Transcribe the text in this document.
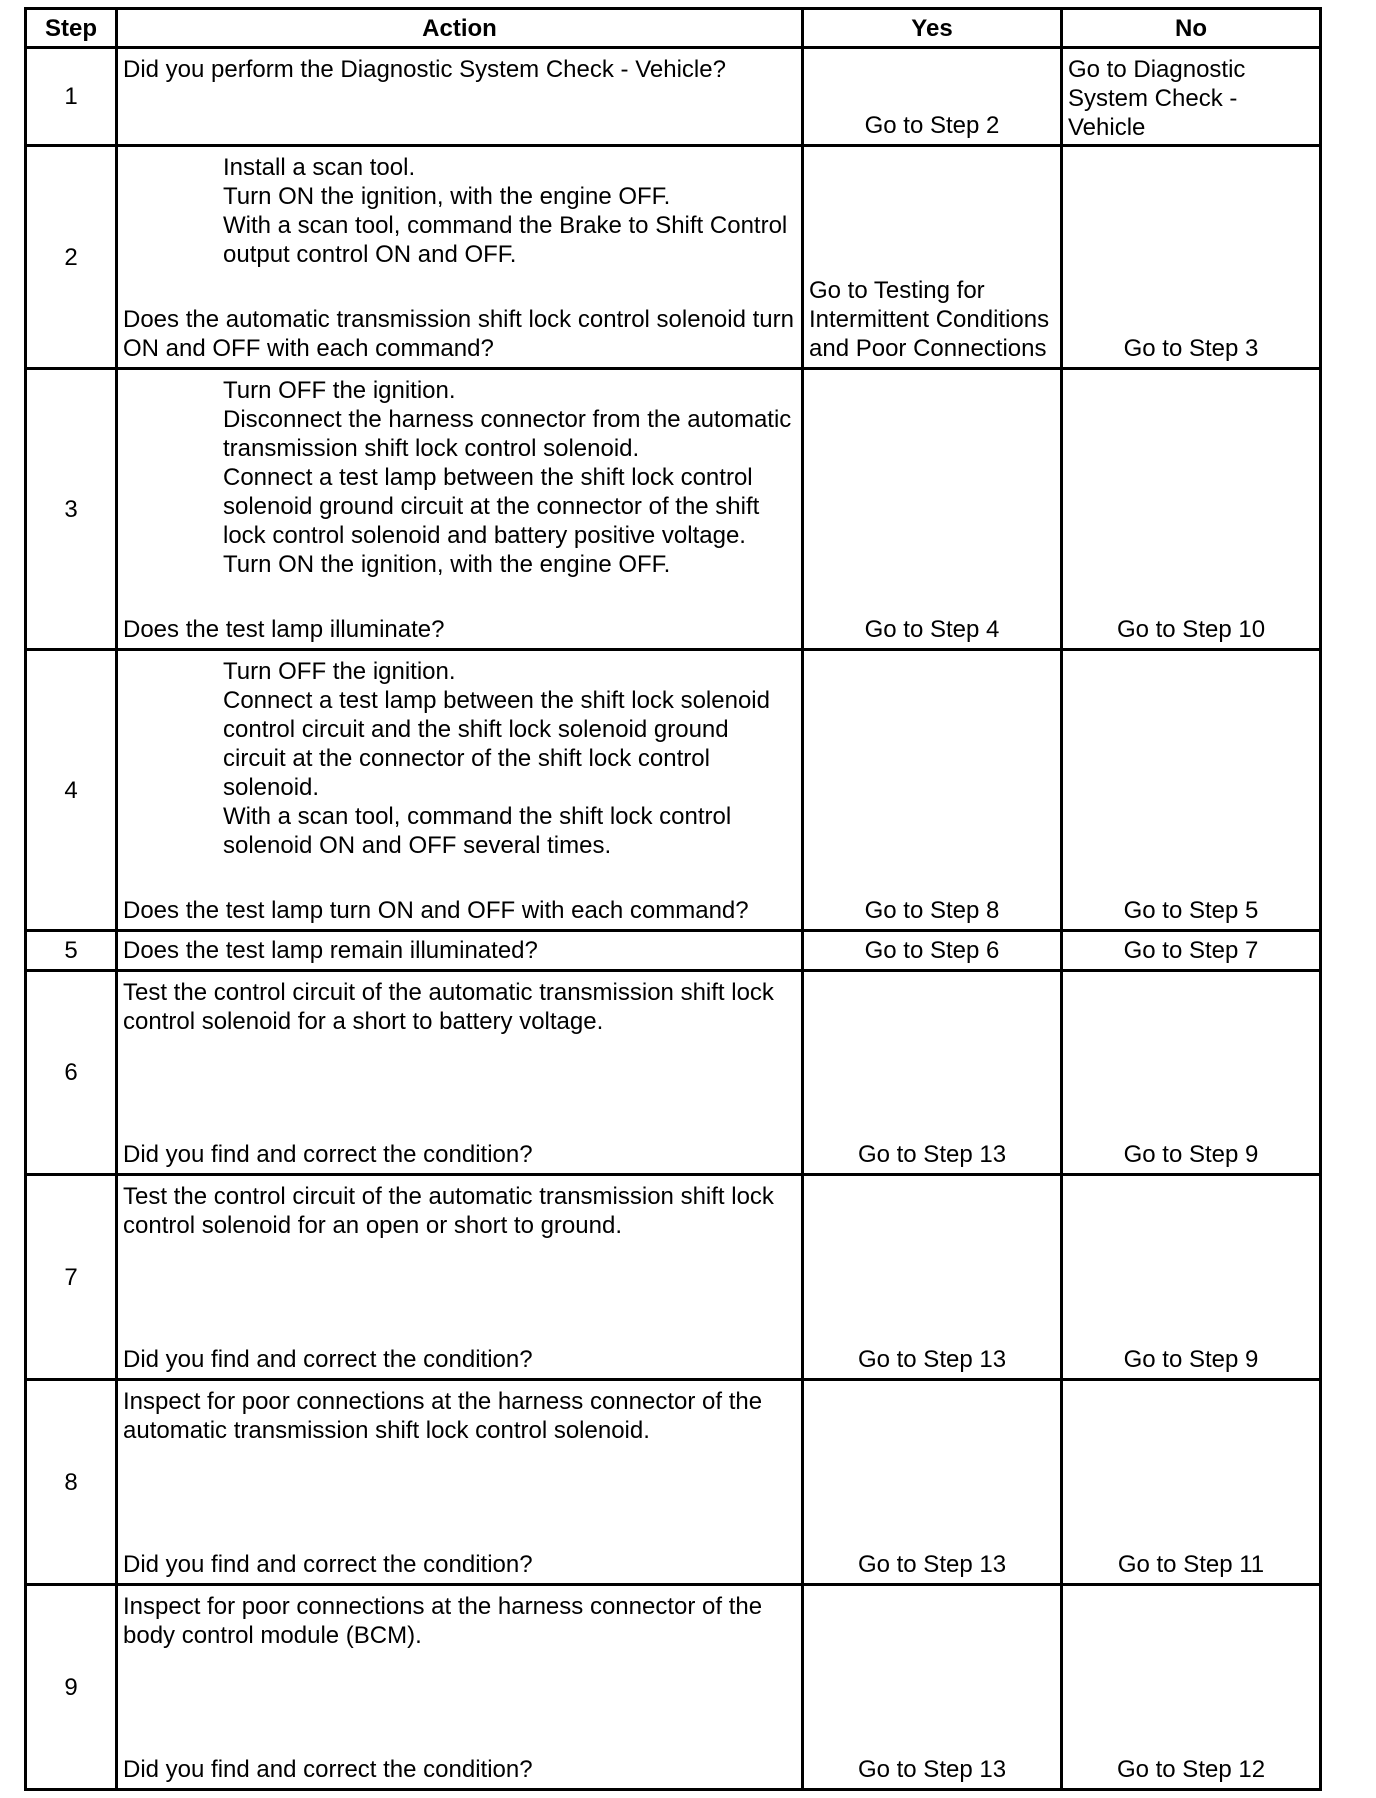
Step	Action	Yes	No
1	Did you perform the Diagnostic System Check - Vehicle?	Go to Step 2	Go to Diagnostic System Check - Vehicle
2	Install a scan tool.
Turn ON the ignition, with the engine OFF.
With a scan tool, command the Brake to Shift Control output control ON and OFF.
Does the automatic transmission shift lock control solenoid turn ON and OFF with each command?	Go to Testing for Intermittent Conditions and Poor Connections	Go to Step 3
3	Turn OFF the ignition.
Disconnect the harness connector from the automatic transmission shift lock control solenoid.
Connect a test lamp between the shift lock control solenoid ground circuit at the connector of the shift lock control solenoid and battery positive voltage.
Turn ON the ignition, with the engine OFF.
Does the test lamp illuminate?	Go to Step 4	Go to Step 10
4	Turn OFF the ignition.
Connect a test lamp between the shift lock solenoid control circuit and the shift lock solenoid ground circuit at the connector of the shift lock control solenoid.
With a scan tool, command the shift lock control solenoid ON and OFF several times.
Does the test lamp turn ON and OFF with each command?	Go to Step 8	Go to Step 5
5	Does the test lamp remain illuminated?	Go to Step 6	Go to Step 7
6	Test the control circuit of the automatic transmission shift lock control solenoid for a short to battery voltage.
Did you find and correct the condition?	Go to Step 13	Go to Step 9
7	Test the control circuit of the automatic transmission shift lock control solenoid for an open or short to ground.
Did you find and correct the condition?	Go to Step 13	Go to Step 9
8	Inspect for poor connections at the harness connector of the automatic transmission shift lock control solenoid.
Did you find and correct the condition?	Go to Step 13	Go to Step 11
9	Inspect for poor connections at the harness connector of the body control module (BCM).
Did you find and correct the condition?	Go to Step 13	Go to Step 12
